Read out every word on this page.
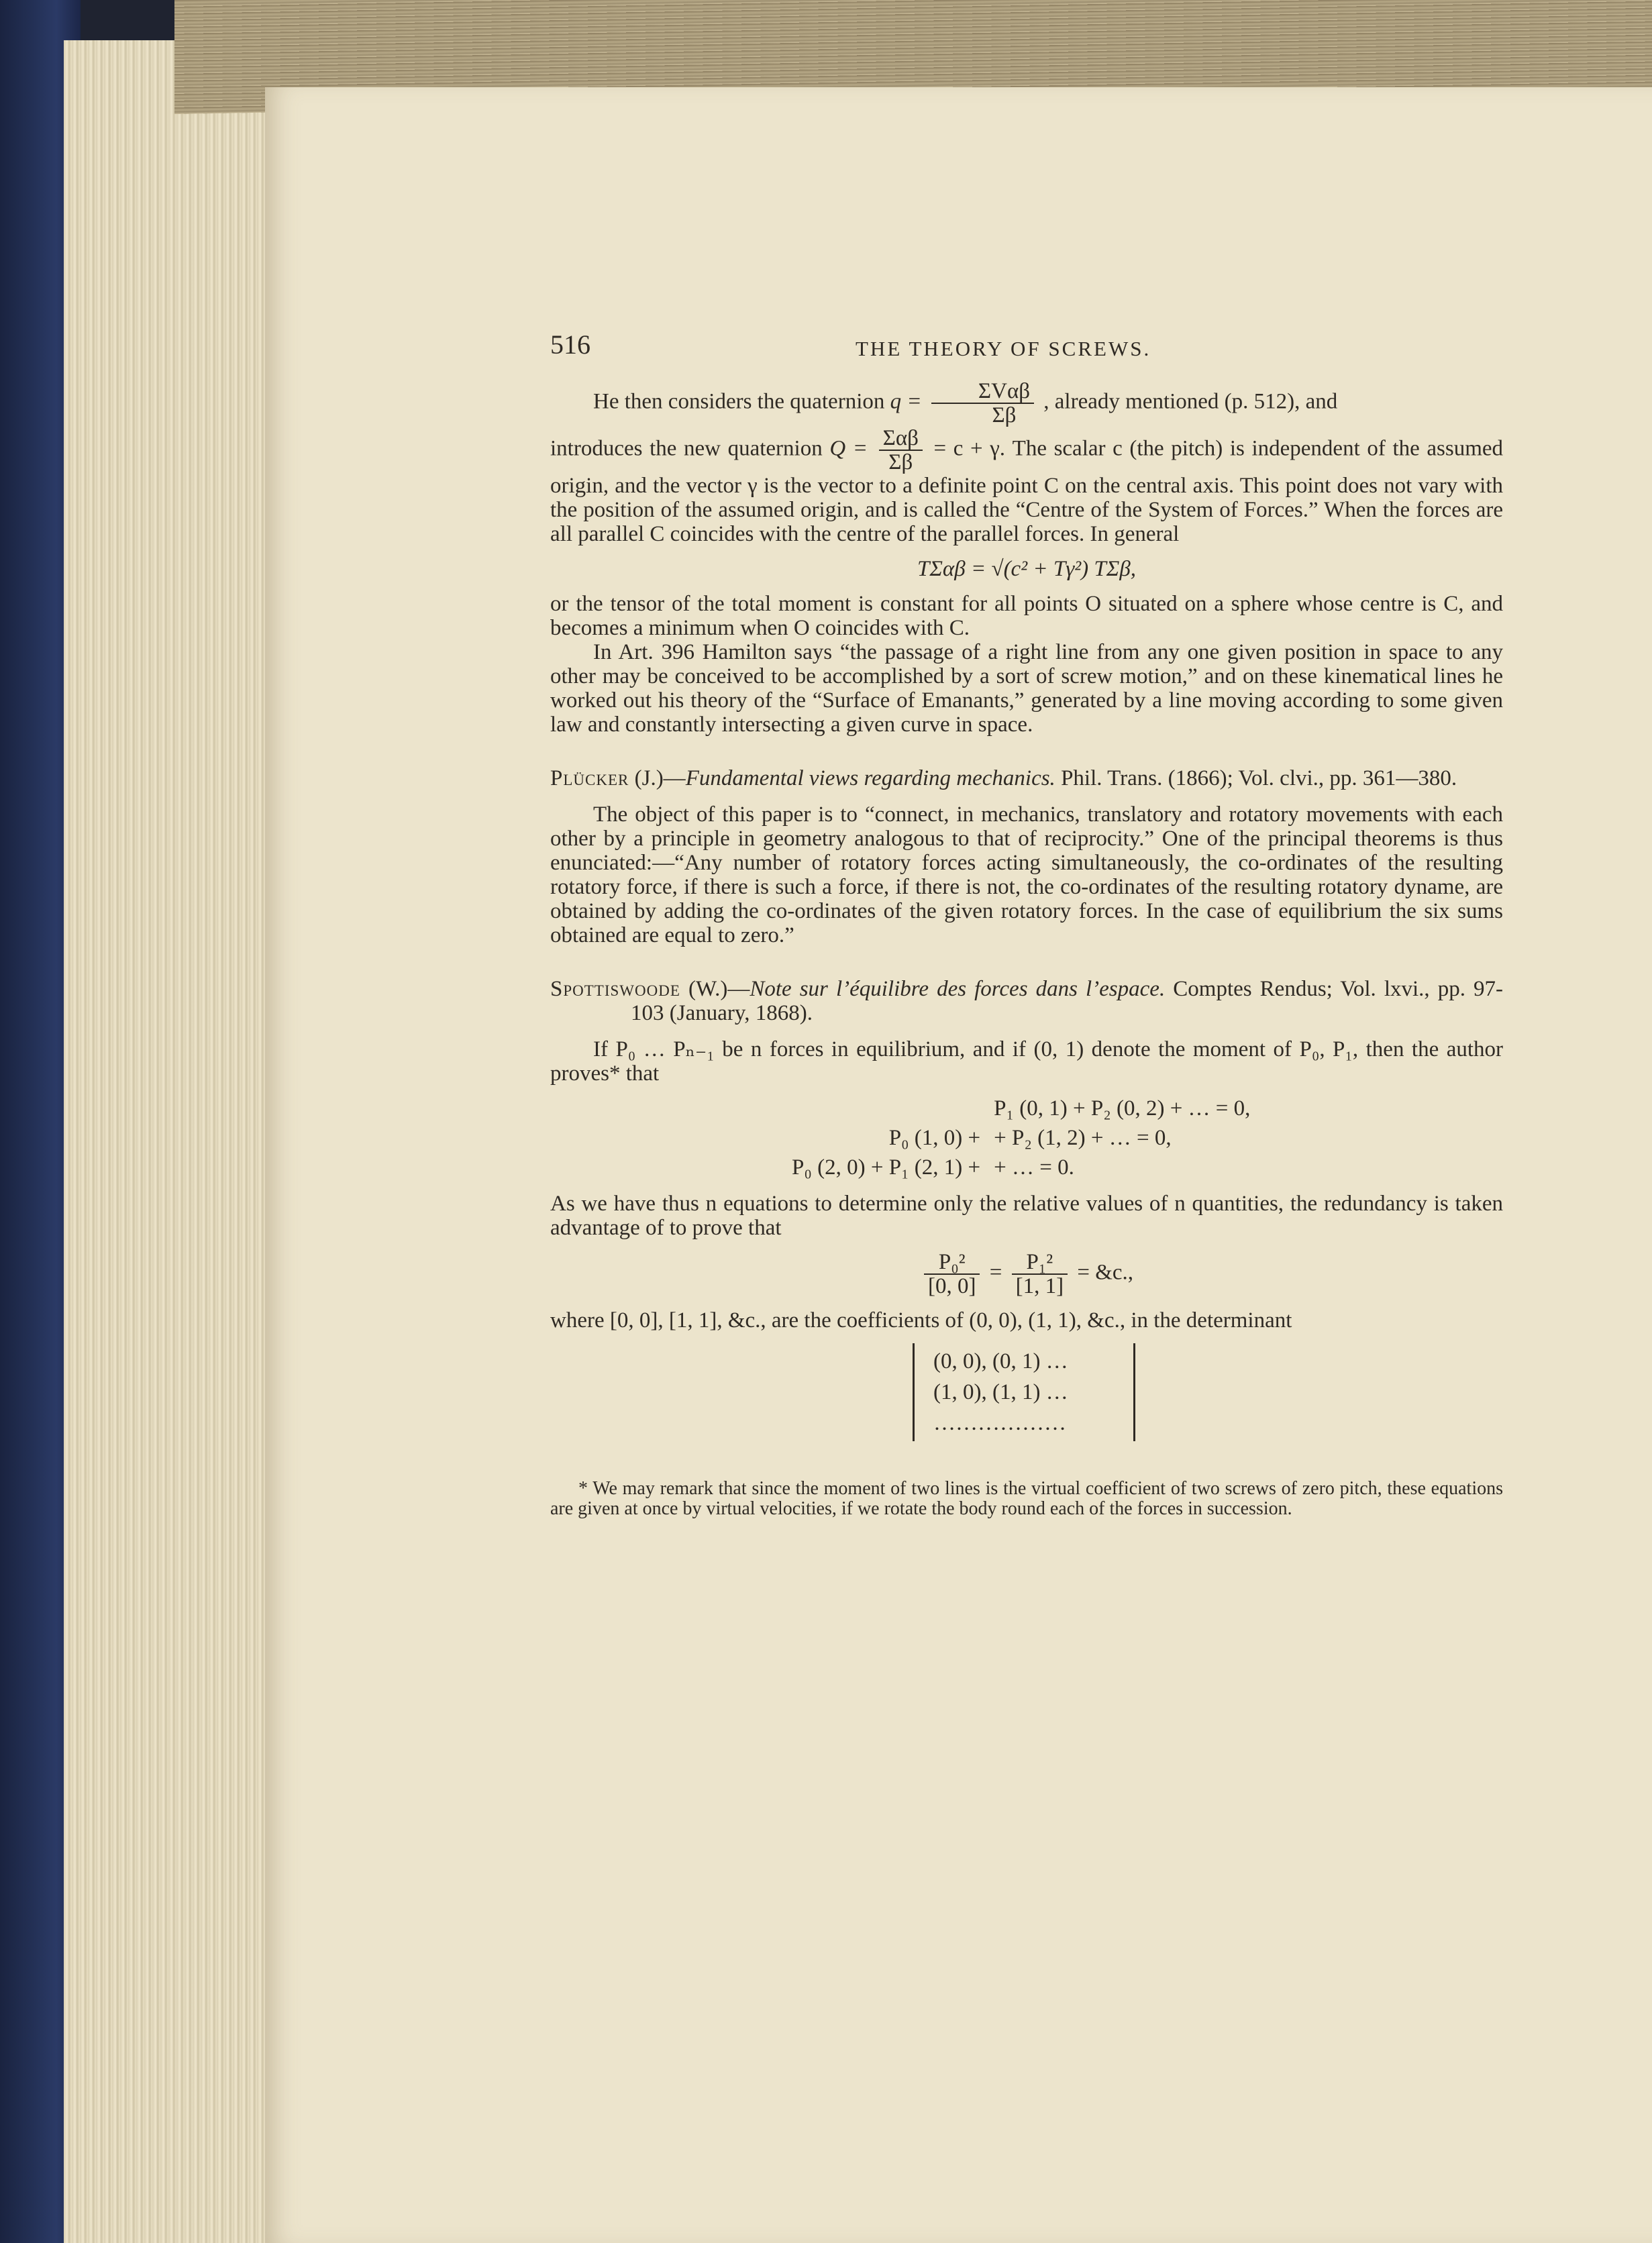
516	THE THEORY OF SCREWS.

He then considers the quaternion $q = \frac{\text{ΣVαβ}}{\Sigma\beta}$ , already mentioned (p. 512), and

introduces the new quaternion $Q = \frac{\text{Σαβ}}{\Sigma\beta} = c + \gamma$. The scalar c (the pitch) is independent of the assumed origin, and the vector γ is the vector to a definite point C on the central axis. This point does not vary with the position of the assumed origin, and is called the “Centre of the System of Forces.” When the forces are all parallel C coincides with the centre of the parallel forces. In general

TΣαβ = √(c² + Tγ²) TΣβ,

or the tensor of the total moment is constant for all points O situated on a sphere whose centre is C, and becomes a minimum when O coincides with C.

In Art. 396 Hamilton says “the passage of a right line from any one given position in space to any other may be conceived to be accomplished by a sort of screw motion,” and on these kinematical lines he worked out his theory of the “Surface of Emanants,” generated by a line moving according to some given law and constantly intersecting a given curve in space.

Plücker (J.)—Fundamental views regarding mechanics. Phil. Trans. (1866); Vol. clvi., pp. 361—380.

The object of this paper is to “connect, in mechanics, translatory and rotatory movements with each other by a principle in geometry analogous to that of reciprocity.” One of the principal theorems is thus enunciated:—“Any number of rotatory forces acting simultaneously, the co-ordinates of the resulting rotatory force, if there is such a force, if there is not, the co-ordinates of the resulting rotatory dyname, are obtained by adding the co-ordinates of the given rotatory forces. In the case of equilibrium the six sums obtained are equal to zero.”

Spottiswoode (W.)—Note sur l’équilibre des forces dans l’espace. Comptes Rendus; Vol. lxvi., pp. 97-103 (January, 1868).

If P₀ … Pₙ₋₁ be n forces in equilibrium, and if (0, 1) denote the moment of P₀, P₁, then the author proves* that

	P₁ (0, 1) + P₂ (0, 2) + … = 0,
P₀ (1, 0) +	+ P₂ (1, 2) + … = 0,
P₀ (2, 0) + P₁ (2, 1) +	+ … = 0.

As we have thus n equations to determine only the relative values of n quantities, the redundancy is taken advantage of to prove that

$\frac{\text{P₀²}}{[0, 0]} = \frac{\text{P₁²}}{[1, 1]}$ = &c.,

where [0, 0], [1, 1], &c., are the coefficients of (0, 0), (1, 1), &c., in the determinant

(0, 0), (0, 1) …
(1, 0), (1, 1) …
………………

* We may remark that since the moment of two lines is the virtual coefficient of two screws of zero pitch, these equations are given at once by virtual velocities, if we rotate the body round each of the forces in succession.
